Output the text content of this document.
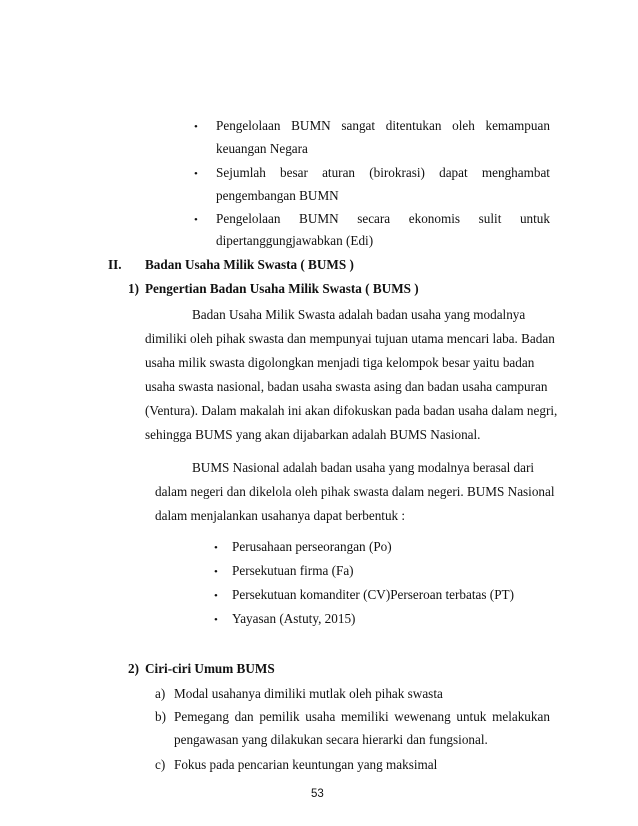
• Pengelolaan BUMN sangat ditentukan oleh kemampuan
keuangan Negara
• Sejumlah besar aturan (birokrasi) dapat menghambat
pengembangan BUMN
• Pengelolaan BUMN secara ekonomis sulit untuk
dipertanggungjawabkan (Edi)
II. Badan Usaha Milik Swasta ( BUMS )
1) Pengertian Badan Usaha Milik Swasta ( BUMS )
Badan Usaha Milik Swasta adalah badan usaha yang modalnya
dimiliki oleh pihak swasta dan mempunyai tujuan utama mencari laba. Badan
usaha milik swasta digolongkan menjadi tiga kelompok besar yaitu badan
usaha swasta nasional, badan usaha swasta asing dan badan usaha campuran
(Ventura). Dalam makalah ini akan difokuskan pada badan usaha dalam negri,
sehingga BUMS yang akan dijabarkan adalah BUMS Nasional.
BUMS Nasional adalah badan usaha yang modalnya berasal dari
dalam negeri dan dikelola oleh pihak swasta dalam negeri. BUMS Nasional
dalam menjalankan usahanya dapat berbentuk :
• Perusahaan perseorangan (Po)
• Persekutuan firma (Fa)
• Persekutuan komanditer (CV)Perseroan terbatas (PT)
• Yayasan (Astuty, 2015)
2) Ciri-ciri Umum BUMS
a) Modal usahanya dimiliki mutlak oleh pihak swasta
b) Pemegang dan pemilik usaha memiliki wewenang untuk melakukan
pengawasan yang dilakukan secara hierarki dan fungsional.
c) Fokus pada pencarian keuntungan yang maksimal
53
